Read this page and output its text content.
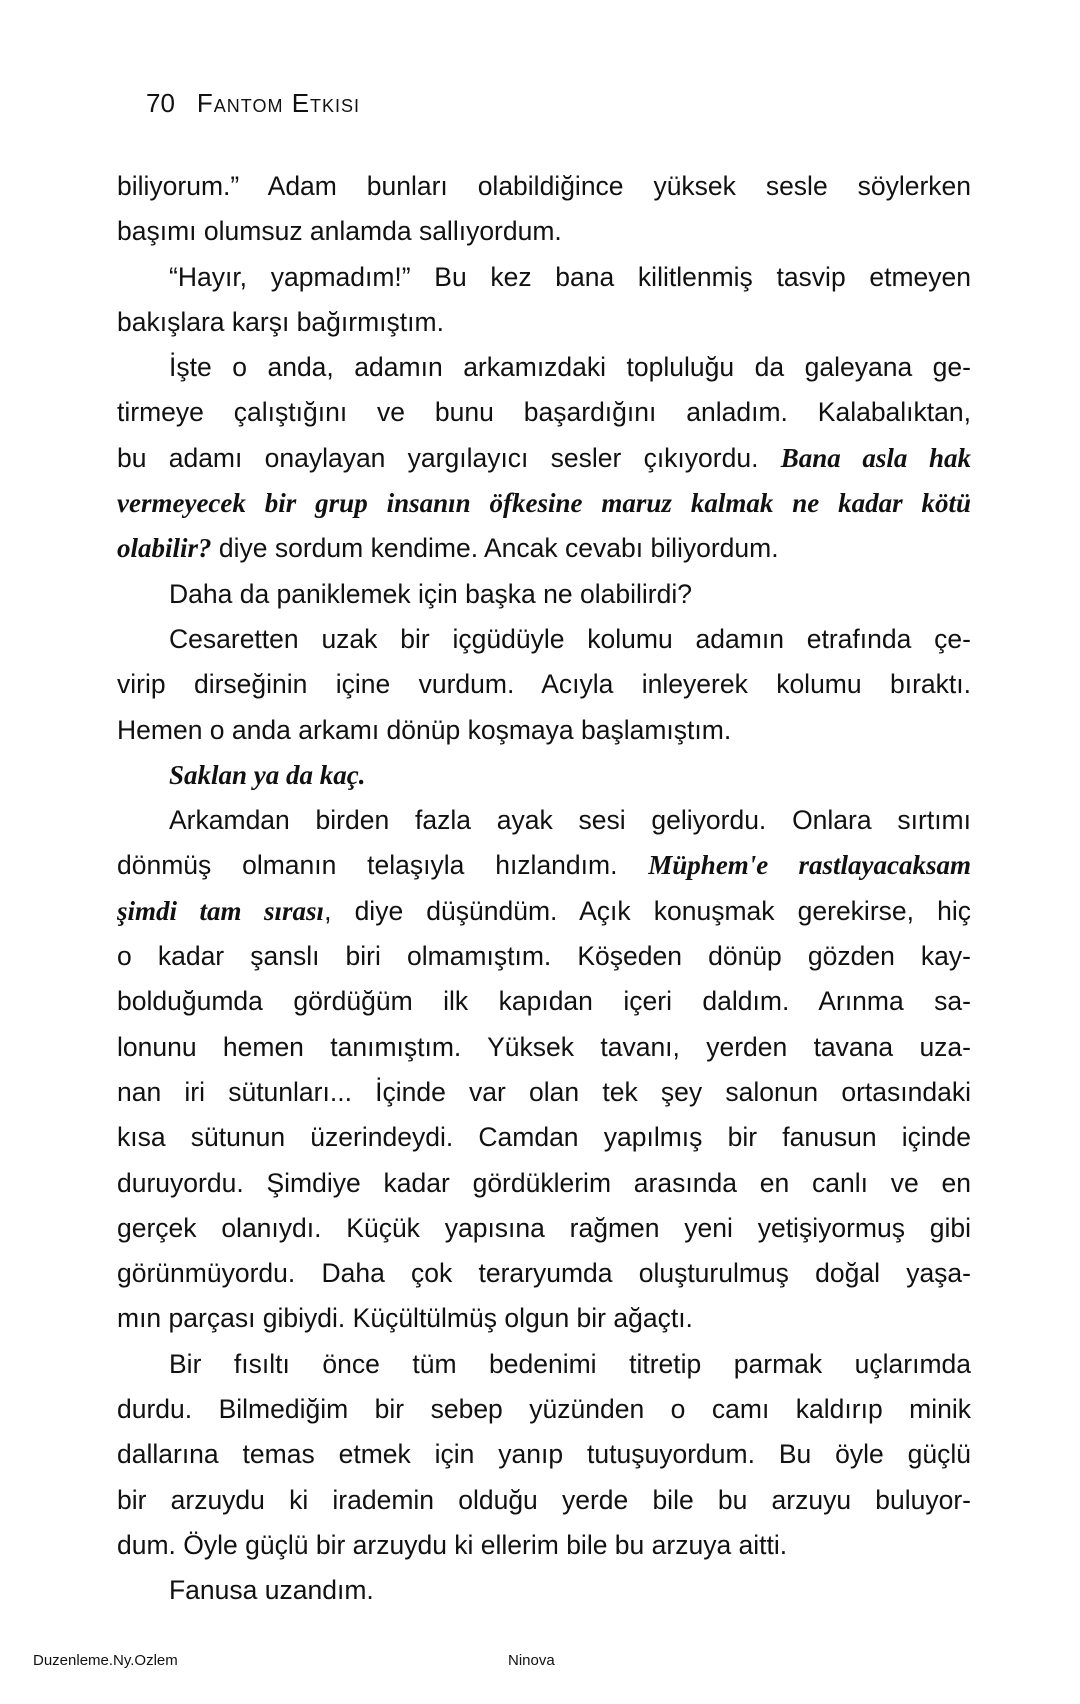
70 Fantom Etkisi
biliyorum.” Adam bunları olabildiğince yüksek sesle söylerken
başımı olumsuz anlamda sallıyordum.
“Hayır, yapmadım!” Bu kez bana kilitlenmiş tasvip etmeyen
bakışlara karşı bağırmıştım.
İşte o anda, adamın arkamızdaki topluluğu da galeyana ge-
tirmeye çalıştığını ve bunu başardığını anladım. Kalabalıktan,
bu adamı onaylayan yargılayıcı sesler çıkıyordu. Bana asla hak
vermeyecek bir grup insanın öfkesine maruz kalmak ne kadar kötü
olabilir? diye sordum kendime. Ancak cevabı biliyordum.
Daha da paniklemek için başka ne olabilirdi?
Cesaretten uzak bir içgüdüyle kolumu adamın etrafında çe-
virip dirseğinin içine vurdum. Acıyla inleyerek kolumu bıraktı.
Hemen o anda arkamı dönüp koşmaya başlamıştım.
Saklan ya da kaç.
Arkamdan birden fazla ayak sesi geliyordu. Onlara sırtımı
dönmüş olmanın telaşıyla hızlandım. Müphem'e rastlayacaksam
şimdi tam sırası, diye düşündüm. Açık konuşmak gerekirse, hiç
o kadar şanslı biri olmamıştım. Köşeden dönüp gözden kay-
bolduğumda gördüğüm ilk kapıdan içeri daldım. Arınma sa-
lonunu hemen tanımıştım. Yüksek tavanı, yerden tavana uza-
nan iri sütunları... İçinde var olan tek şey salonun ortasındaki
kısa sütunun üzerindeydi. Camdan yapılmış bir fanusun içinde
duruyordu. Şimdiye kadar gördüklerim arasında en canlı ve en
gerçek olanıydı. Küçük yapısına rağmen yeni yetişiyormuş gibi
görünmüyordu. Daha çok teraryumda oluşturulmuş doğal yaşa-
mın parçası gibiydi. Küçültülmüş olgun bir ağaçtı.
Bir fısıltı önce tüm bedenimi titretip parmak uçlarımda
durdu. Bilmediğim bir sebep yüzünden o camı kaldırıp minik
dallarına temas etmek için yanıp tutuşuyordum. Bu öyle güçlü
bir arzuydu ki irademin olduğu yerde bile bu arzuyu buluyor-
dum. Öyle güçlü bir arzuydu ki ellerim bile bu arzuya aitti.
Fanusa uzandım.
Duzenleme.Ny.Ozlem	Ninova
